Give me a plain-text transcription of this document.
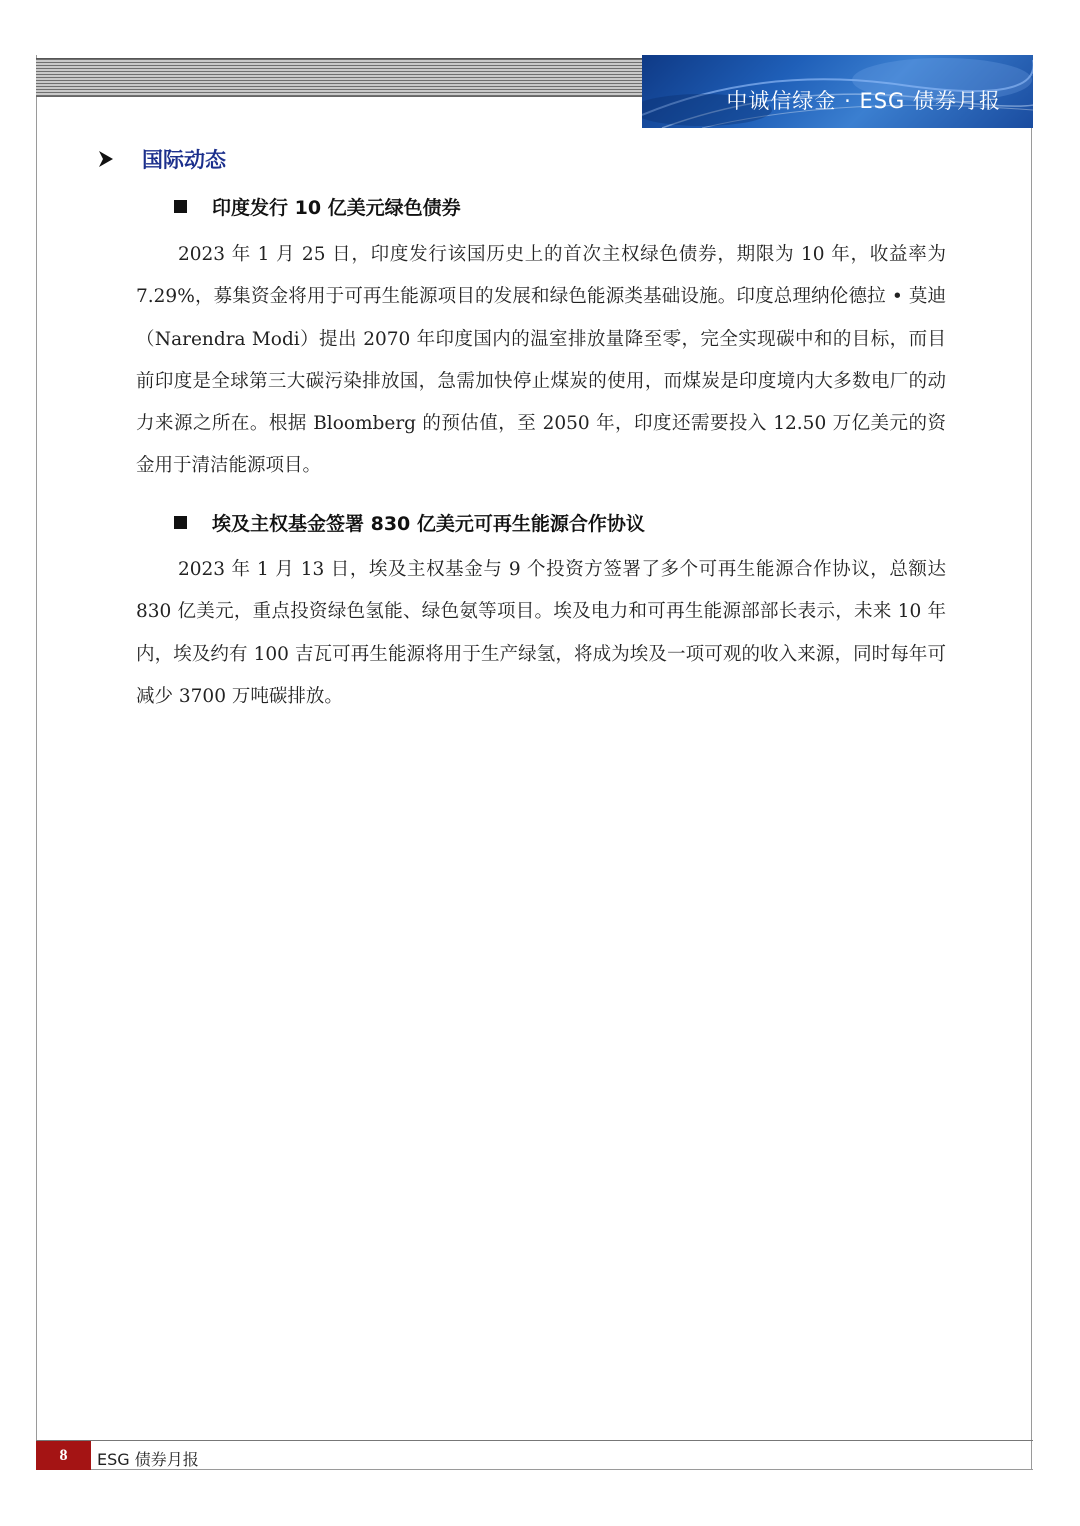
中诚信绿金 · ESG 债券月报
国际动态
印度发行 10 亿美元绿色债券

2023 年 1 月 25 日，印度发行该国历史上的首次主权绿色债券，期限为 10 年，收益率为 7.29%，募集资金将用于可再生能源项目的发展和绿色能源类基础设施。印度总理纳伦德拉 • 莫迪（Narendra Modi）提出 2070 年印度国内的温室排放量降至零，完全实现碳中和的目标，而目前印度是全球第三大碳污染排放国，急需加快停止煤炭的使用，而煤炭是印度境内大多数电厂的动力来源之所在。根据 Bloomberg 的预估值，至 2050 年，印度还需要投入 12.50 万亿美元的资金用于清洁能源项目。

埃及主权基金签署 830 亿美元可再生能源合作协议

2023 年 1 月 13 日，埃及主权基金与 9 个投资方签署了多个可再生能源合作协议，总额达 830 亿美元，重点投资绿色氢能、绿色氨等项目。埃及电力和可再生能源部部长表示，未来 10 年内，埃及约有 100 吉瓦可再生能源将用于生产绿氢，将成为埃及一项可观的收入来源，同时每年可减少 3700 万吨碳排放。

8	ESG 债券月报
